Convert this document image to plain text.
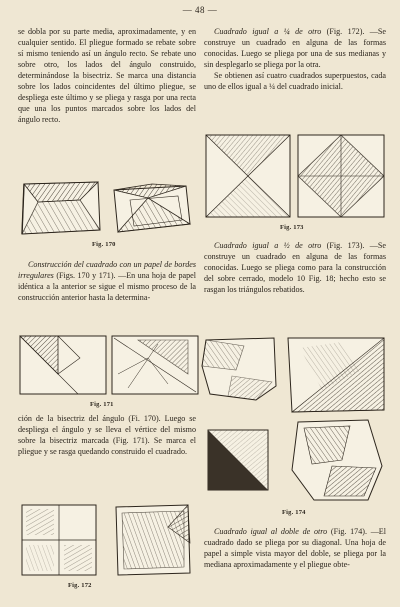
— 48 —

se dobla por su parte media, aproximadamente, y en cualquier sentido. El pliegue formado se rebate sobre sí mismo teniendo así un ángulo recto. Se rebate uno sobre otro, los lados del ángulo construido, determinándose la bisectriz. Se marca una distancia sobre los lados coincidentes del último pliegue, se despliega este último y se pliega y rasga por una recta que una los puntos marcados sobre los lados del ángulo recto.

Fig. 170

Construcción del cuadrado con un papel de bordes irregulares (Figs. 170 y 171). —En una hoja de papel idéntica a la anterior se sigue el mismo proceso de la construcción anterior hasta la determina-

Fig. 171

ción de la bisectriz del ángulo (Fi. 170). Luego se despliega el ángulo y se lleva el vértice del mismo sobre la bisectriz marcada (Fig. 171). Se marca el pliegue y se rasga quedando construido el cuadrado.

Fig. 172

Cuadrado igual a ¼ de otro (Fig. 172). —Se construye un cuadrado en alguna de las formas conocidas. Luego se pliega por una de sus medianas y sin desplegarlo se pliega por la otra.

Se obtienen así cuatro cuadrados superpuestos, cada uno de ellos igual a ¼ del cuadrado inicial.

Fig. 173

Cuadrado igual a ½ de otro (Fig. 173). —Se construye un cuadrado en alguna de las formas conocidas. Luego se pliega como para la construcción del sobre cerrado, modelo 10 Fig. 18; hecho esto se rasgan los triángulos rebatidos.

Fig. 174

Cuadrado igual al doble de otro (Fig. 174). —El cuadrado dado se pliega por su diagonal. Una hoja de papel a simple vista mayor del doble, se pliega por la mediana aproximadamente y el pliegue obte-
